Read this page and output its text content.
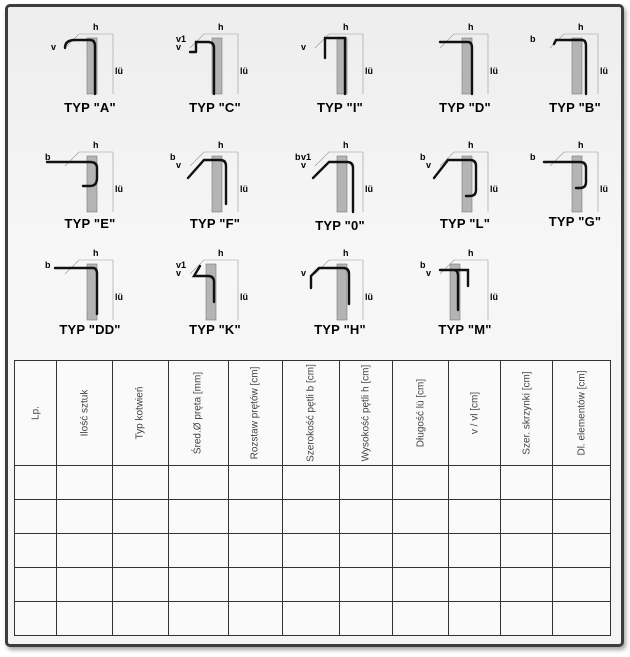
h
v
lü
TYP "A"
h
v
v1
lü
TYP "C"
h
v
lü
TYP "I"
h
lü
TYP "D"
h
b
lü
TYP "B"
h
b
lü
TYP "E"
h
v
b
lü
TYP "F"
h
v1
v
b
lü
TYP "0"
h
v
b
lü
TYP "L"
h
b
lü
TYP "G"
h
b
lü
TYP "DD"
h
v1
v
lü
TYP "K"
h
v
lü
TYP "H"
h
b
v
lü
TYP "M"
Lp.	Ilość sztuk	Typ kotwień	Śred.Ø pręta [mm]	Rozstaw prętów [cm]	Szerokość pętli b [cm]	Wysokość pętli h [cm]	Długość lü [cm]	v / vl [cm]	Szer. skrzynki [cm]	Dl. elementów [cm]
